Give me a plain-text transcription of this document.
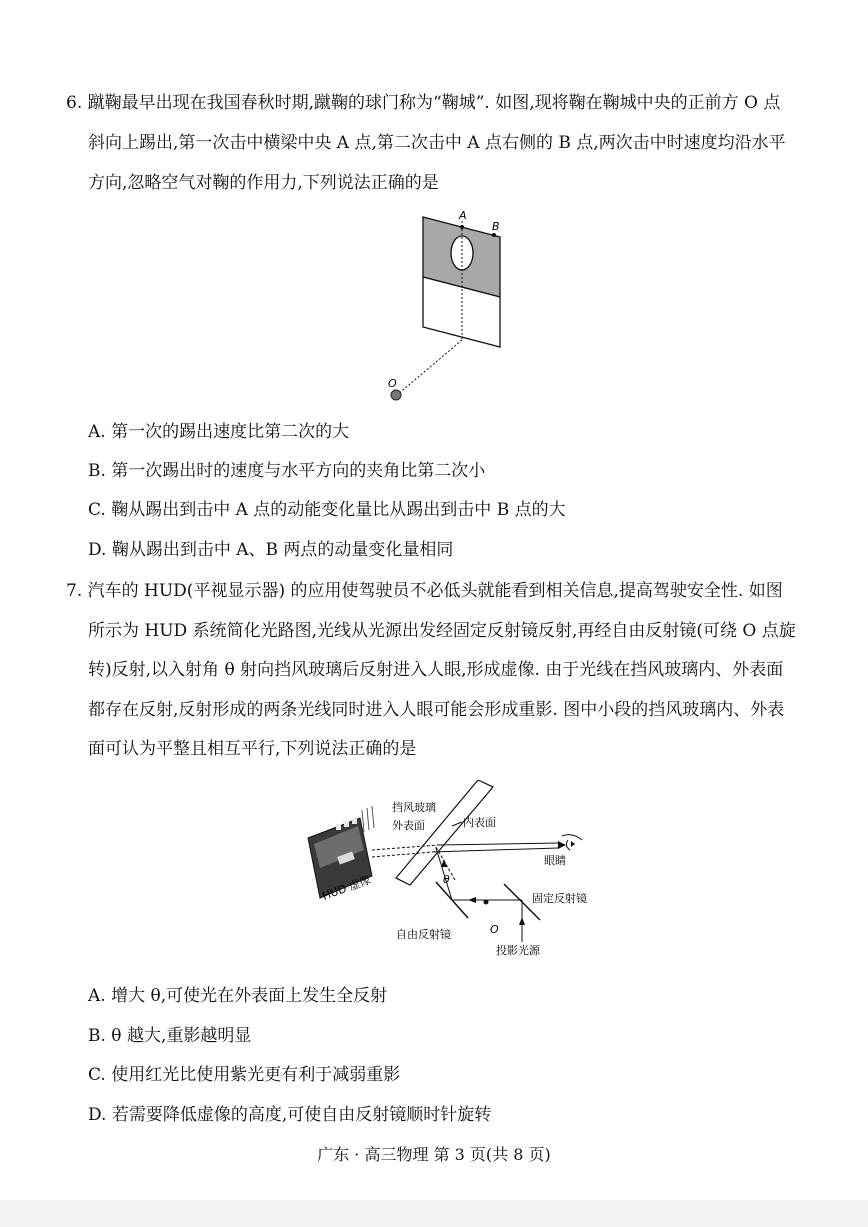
6. 蹴鞠最早出现在我国春秋时期,蹴鞠的球门称为“鞠城”. 如图,现将鞠在鞠城中央的正前方 O 点
斜向上踢出,第一次击中横梁中央 A 点,第二次击中 A 点右侧的 B 点,两次击中时速度均沿水平
方向,忽略空气对鞠的作用力,下列说法正确的是
A
B
O
A. 第一次的踢出速度比第二次的大
B. 第一次踢出时的速度与水平方向的夹角比第二次小
C. 鞠从踢出到击中 A 点的动能变化量比从踢出到击中 B 点的大
D. 鞠从踢出到击中 A、B 两点的动量变化量相同
7. 汽车的 HUD(平视显示器) 的应用使驾驶员不必低头就能看到相关信息,提高驾驶安全性. 如图
所示为 HUD 系统简化光路图,光线从光源出发经固定反射镜反射,再经自由反射镜(可绕 O 点旋
转)反射,以入射角 θ 射向挡风玻璃后反射进入人眼,形成虚像. 由于光线在挡风玻璃内、外表面
都存在反射,反射形成的两条光线同时进入人眼可能会形成重影. 图中小段的挡风玻璃内、外表
面可认为平整且相互平行,下列说法正确的是
HUD 虚像
眼睛
挡风玻璃
外表面	内表面
θ
O
固定反射镜
自由反射镜
投影光源
A. 增大 θ,可使光在外表面上发生全反射
B. θ 越大,重影越明显
C. 使用红光比使用紫光更有利于减弱重影
D. 若需要降低虚像的高度,可使自由反射镜顺时针旋转
广东 · 高三物理 第 3 页(共 8 页)
